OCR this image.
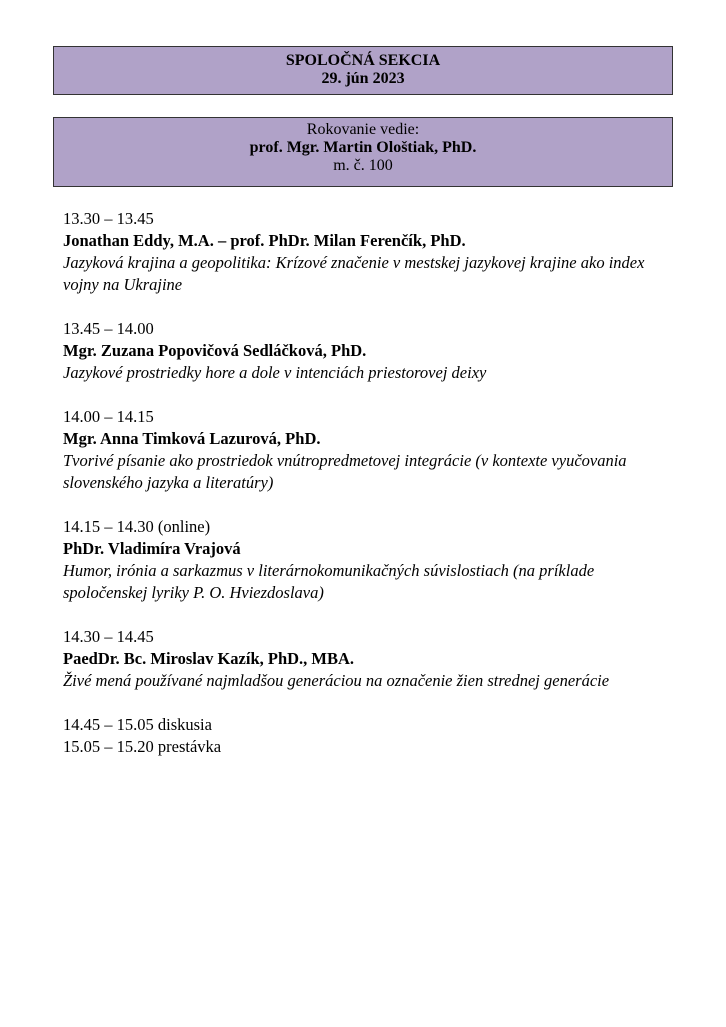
SPOLOČNÁ SEKCIA
29. jún 2023
Rokovanie vedie:
prof. Mgr. Martin Ološtiak, PhD.
m. č. 100
13.30 – 13.45
Jonathan Eddy, M.A. – prof. PhDr. Milan Ferenčík, PhD.
Jazyková krajina a geopolitika: Krízové značenie v mestskej jazykovej krajine ako index vojny na Ukrajine
13.45 – 14.00
Mgr. Zuzana Popovičová Sedláčková, PhD.
Jazykové prostriedky hore a dole v intenciách priestorovej deixy
14.00 – 14.15
Mgr. Anna Timková Lazurová, PhD.
Tvorivé písanie ako prostriedok vnútropredmetovej integrácie (v kontexte vyučovania slovenského jazyka a literatúry)
14.15 – 14.30 (online)
PhDr. Vladimíra Vrajová
Humor, irónia a sarkazmus v literárnokomunikačných súvislostiach (na príklade spoločenskej lyriky P. O. Hviezdoslava)
14.30 – 14.45
PaedDr. Bc. Miroslav Kazík, PhD., MBA.
Živé mená používané najmladšou generáciou na označenie žien strednej generácie
14.45 – 15.05 diskusia
15.05 – 15.20 prestávka
